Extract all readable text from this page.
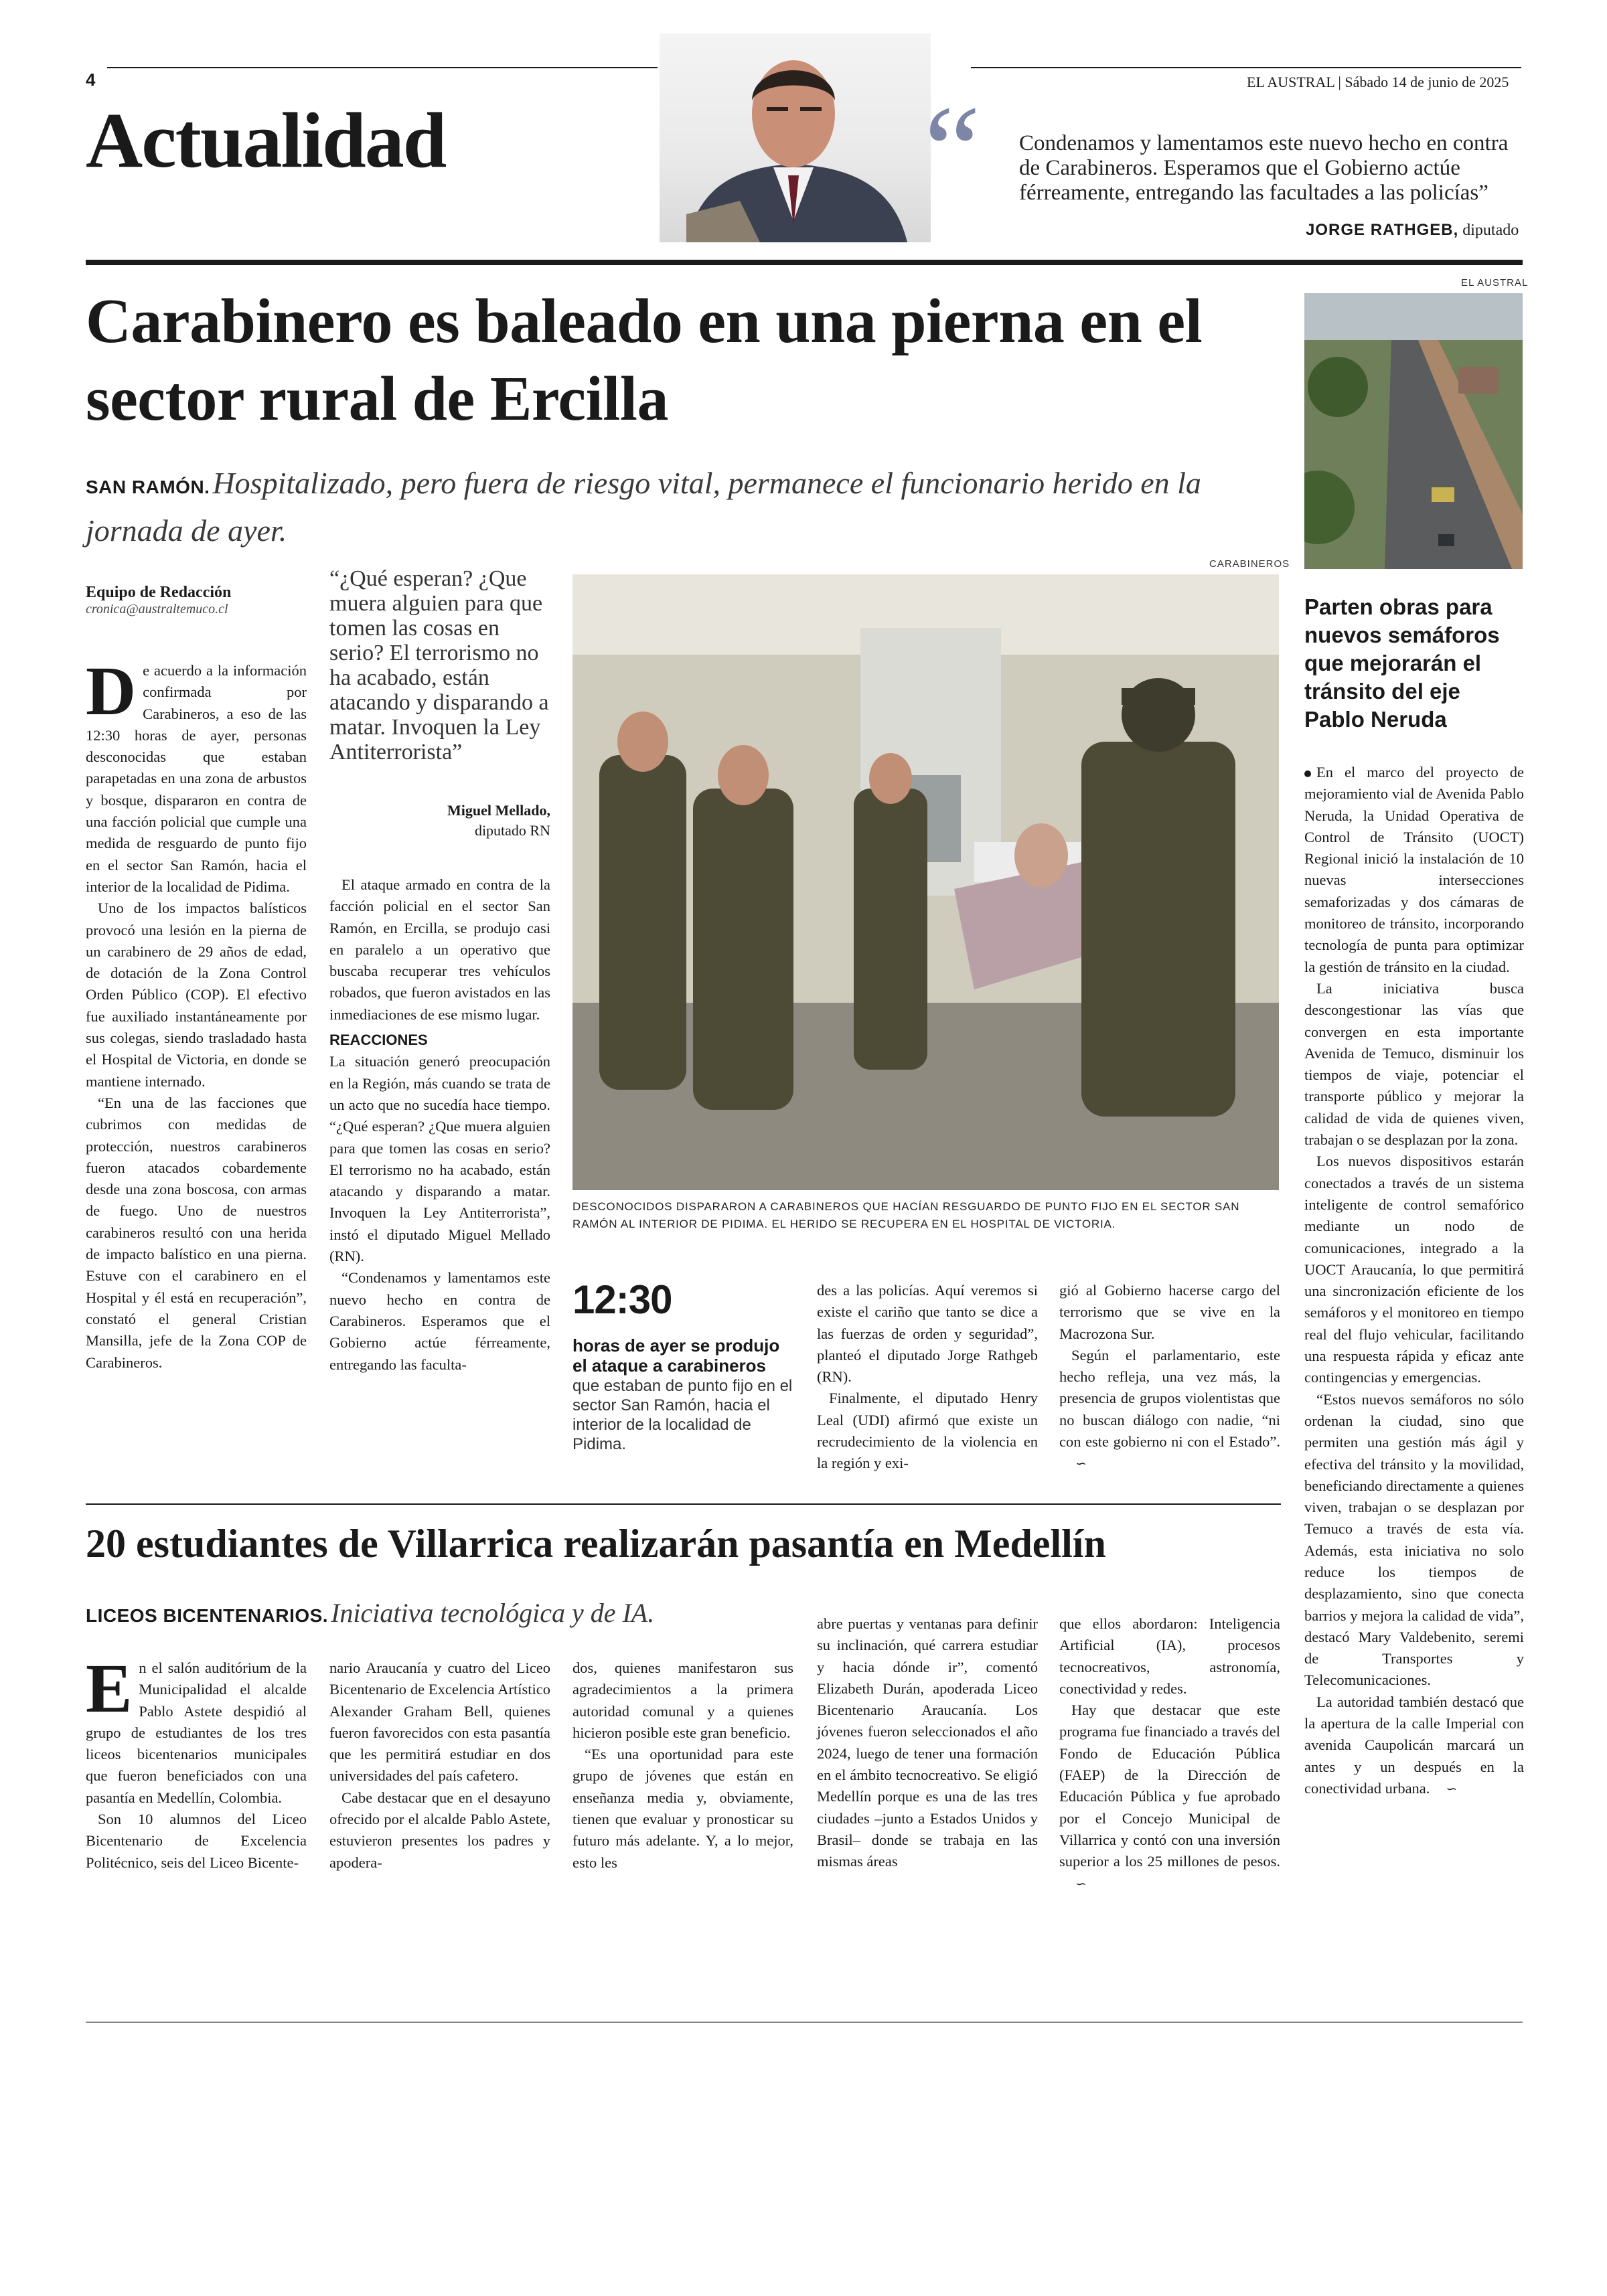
4
Actualidad	“	EL AUSTRAL | Sábado 14 de junio de 2025
Condenamos y lamentamos este nuevo hecho en contra de Carabineros. Esperamos que el Gobierno actúe férreamente, entregando las facultades a las policías”
JORGE RATHGEB, diputado
Carabinero es baleado en una pierna en el sector rural de Ercilla
SAN RAMÓN. Hospitalizado, pero fuera de riesgo vital, permanece el funcionario herido en la jornada de ayer.
Equipo de Redacción
cronica@australtemuco.cl

De acuerdo a la información confirmada por Carabineros, a eso de las 12:30 horas de ayer, personas desconocidas que estaban parapetadas en una zona de arbustos y bosque, dispararon en contra de una facción policial que cumple una medida de resguardo de punto fijo en el sector San Ramón, hacia el interior de la localidad de Pidima.

Uno de los impactos balísticos provocó una lesión en la pierna de un carabinero de 29 años de edad, de dotación de la Zona Control Orden Público (COP). El efectivo fue auxiliado instantáneamente por sus colegas, siendo trasladado hasta el Hospital de Victoria, en donde se mantiene internado.

“En una de las facciones que cubrimos con medidas de protección, nuestros carabineros fueron atacados cobardemente desde una zona boscosa, con armas de fuego. Uno de nuestros carabineros resultó con una herida de impacto balístico en una pierna. Estuve con el carabinero en el Hospital y él está en recuperación”, constató el general Cristian Mansilla, jefe de la Zona COP de Carabineros.

“¿Qué esperan? ¿Que muera alguien para que tomen las cosas en serio? El terrorismo no ha acabado, están atacando y disparando a matar. Invoquen la Ley Antiterrorista”
Miguel Mellado,
diputado RN

El ataque armado en contra de la facción policial en el sector San Ramón, en Ercilla, se produjo casi en paralelo a un operativo que buscaba recuperar tres vehículos robados, que fueron avistados en las inmediaciones de ese mismo lugar.

REACCIONES

La situación generó preocupación en la Región, más cuando se trata de un acto que no sucedía hace tiempo. “¿Qué esperan? ¿Que muera alguien para que tomen las cosas en serio? El terrorismo no ha acabado, están atacando y disparando a matar. Invoquen la Ley Antiterrorista”, instó el diputado Miguel Mellado (RN).

“Condenamos y lamentamos este nuevo hecho en contra de Carabineros. Esperamos que el Gobierno actúe férreamente, entregando las faculta-

CARABINEROS
DESCONOCIDOS DISPARARON A CARABINEROS QUE HACÍAN RESGUARDO DE PUNTO FIJO EN EL SECTOR SAN RAMÓN AL INTERIOR DE PIDIMA. EL HERIDO SE RECUPERA EN EL HOSPITAL DE VICTORIA.
12:30
horas de ayer se produjo el ataque a carabineros que estaban de punto fijo en el sector San Ramón, hacia el interior de la localidad de Pidima.

des a las policías. Aquí veremos si existe el cariño que tanto se dice a las fuerzas de orden y seguridad”, planteó el diputado Jorge Rathgeb (RN).

Finalmente, el diputado Henry Leal (UDI) afirmó que existe un recrudecimiento de la violencia en la región y exi-

gió al Gobierno hacerse cargo del terrorismo que se vive en la Macrozona Sur.

Según el parlamentario, este hecho refleja, una vez más, la presencia de grupos violentistas que no buscan diálogo con nadie, “ni con este gobierno ni con el Estado”.∽

EL AUSTRAL
Parten obras para nuevos semáforos que mejorarán el tránsito del eje Pablo Neruda

En el marco del proyecto de mejoramiento vial de Avenida Pablo Neruda, la Unidad Operativa de Control de Tránsito (UOCT) Regional inició la instalación de 10 nuevas intersecciones semaforizadas y dos cámaras de monitoreo de tránsito, incorporando tecnología de punta para optimizar la gestión de tránsito en la ciudad.

La iniciativa busca descongestionar las vías que convergen en esta importante Avenida de Temuco, disminuir los tiempos de viaje, potenciar el transporte público y mejorar la calidad de vida de quienes viven, trabajan o se desplazan por la zona.

Los nuevos dispositivos estarán conectados a través de un sistema inteligente de control semafórico mediante un nodo de comunicaciones, integrado a la UOCT Araucanía, lo que permitirá una sincronización eficiente de los semáforos y el monitoreo en tiempo real del flujo vehicular, facilitando una respuesta rápida y eficaz ante contingencias y emergencias.

“Estos nuevos semáforos no sólo ordenan la ciudad, sino que permiten una gestión más ágil y efectiva del tránsito y la movilidad, beneficiando directamente a quienes viven, trabajan o se desplazan por Temuco a través de esta vía. Además, esta iniciativa no solo reduce los tiempos de desplazamiento, sino que conecta barrios y mejora la calidad de vida”, destacó Mary Valdebenito, seremi de Transportes y Telecomunicaciones.

La autoridad también destacó que la apertura de la calle Imperial con avenida Caupolicán marcará un antes y un después en la conectividad urbana. ∽

20 estudiantes de Villarrica realizarán pasantía en Medellín
LICEOS BICENTENARIOS. Iniciativa tecnológica y de IA.

En el salón auditórium de la Municipalidad el alcalde Pablo Astete despidió al grupo de estudiantes de los tres liceos bicentenarios municipales que fueron beneficiados con una pasantía en Medellín, Colombia.

Son 10 alumnos del Liceo Bicentenario de Excelencia Politécnico, seis del Liceo Bicente-

nario Araucanía y cuatro del Liceo Bicentenario de Excelencia Artístico Alexander Graham Bell, quienes fueron favorecidos con esta pasantía que les permitirá estudiar en dos universidades del país cafetero.

Cabe destacar que en el desayuno ofrecido por el alcalde Pablo Astete, estuvieron presentes los padres y apodera-

dos, quienes manifestaron sus agradecimientos a la primera autoridad comunal y a quienes hicieron posible este gran beneficio.

“Es una oportunidad para este grupo de jóvenes que están en enseñanza media y, obviamente, tienen que evaluar y pronosticar su futuro más adelante. Y, a lo mejor, esto les

abre puertas y ventanas para definir su inclinación, qué carrera estudiar y hacia dónde ir”, comentó Elizabeth Durán, apoderada Liceo Bicentenario Araucanía. Los jóvenes fueron seleccionados el año 2024, luego de tener una formación en el ámbito tecnocreativo. Se eligió Medellín porque es una de las tres ciudades –junto a Estados Unidos y Brasil– donde se trabaja en las mismas áreas

que ellos abordaron: Inteligencia Artificial (IA), procesos tecnocreativos, astronomía, conectividad y redes.

Hay que destacar que este programa fue financiado a través del Fondo de Educación Pública (FAEP) de la Dirección de Educación Pública y fue aprobado por el Concejo Municipal de Villarrica y contó con una inversión superior a los 25 millones de pesos.∽
